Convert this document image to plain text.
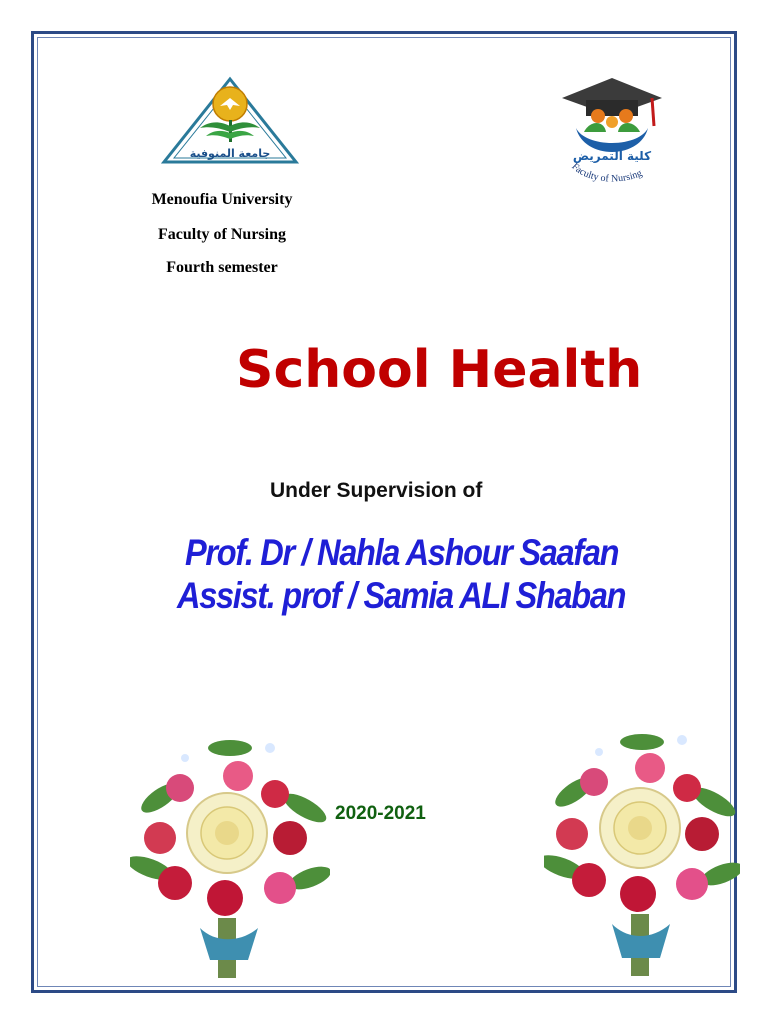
جامعة المنوفية	كلية التمريض
Faculty of Nursing
Menoufia University
Faculty of Nursing
Fourth semester
School Health
Under Supervision of
Prof. Dr / Nahla Ashour Saafan
Assist. prof / Samia ALI Shaban
2020-2021
